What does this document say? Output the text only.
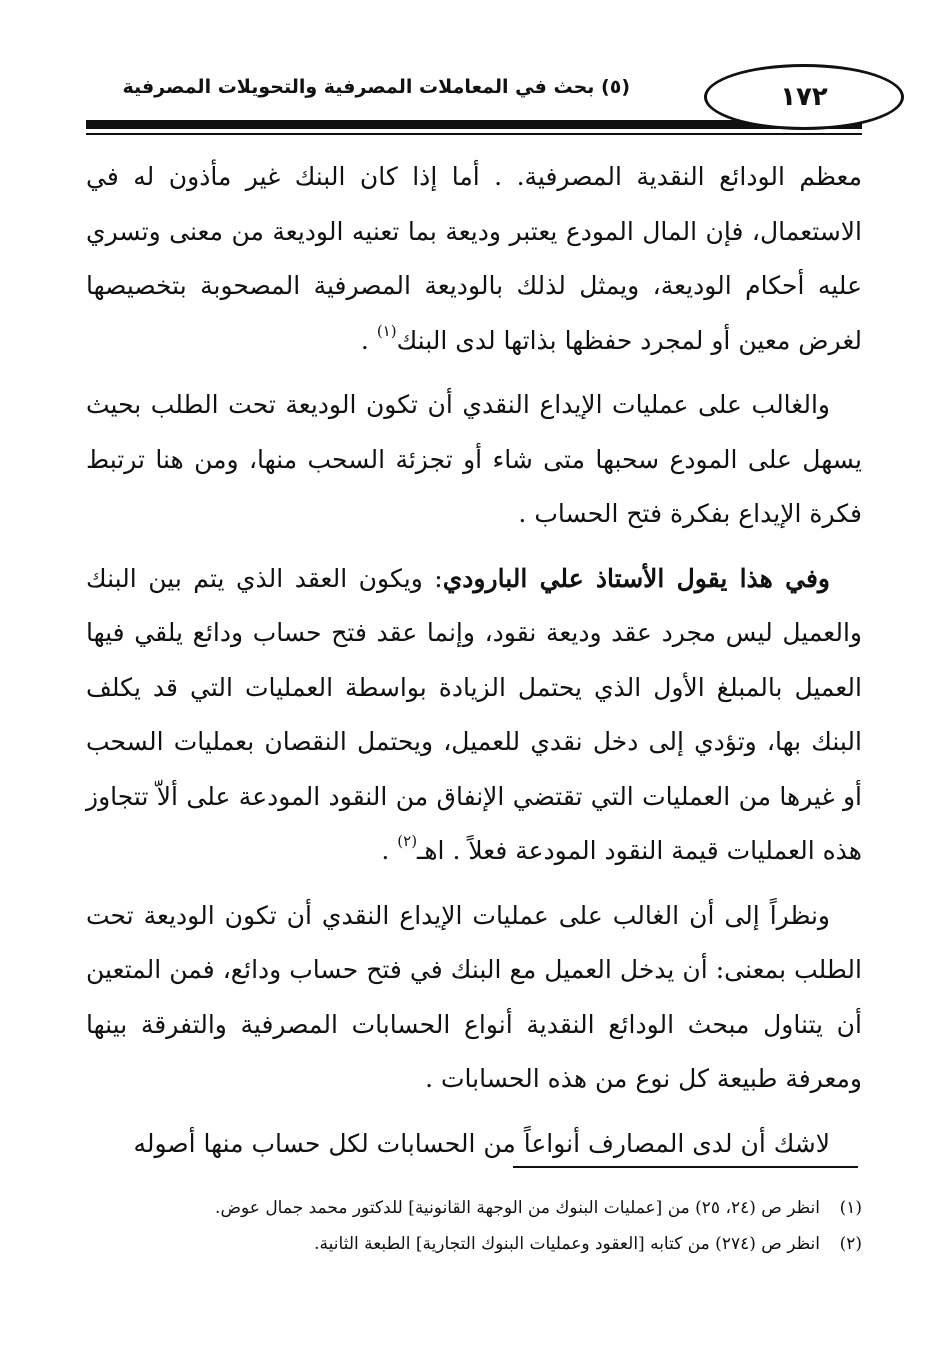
١٧٢
(٥) بحث في المعاملات المصرفية والتحويلات المصرفية

معظم الودائع النقدية المصرفية. . أما إذا كان البنك غير مأذون له في الاستعمال، فإن المال المودع يعتبر وديعة بما تعنيه الوديعة من معنى وتسري عليه أحكام الوديعة، ويمثل لذلك بالوديعة المصرفية المصحوبة بتخصيصها لغرض معين أو لمجرد حفظها بذاتها لدى البنك$^{(١)}$ .

والغالب على عمليات الإيداع النقدي أن تكون الوديعة تحت الطلب بحيث يسهل على المودع سحبها متى شاء أو تجزئة السحب منها، ومن هنا ترتبط فكرة الإيداع بفكرة فتح الحساب .

وفي هذا يقول الأستاذ علي البارودي: ويكون العقد الذي يتم بين البنك والعميل ليس مجرد عقد وديعة نقود، وإنما عقد فتح حساب ودائع يلقي فيها العميل بالمبلغ الأول الذي يحتمل الزيادة بواسطة العمليات التي قد يكلف البنك بها، وتؤدي إلى دخل نقدي للعميل، ويحتمل النقصان بعمليات السحب أو غيرها من العمليات التي تقتضي الإنفاق من النقود المودعة على ألاّ تتجاوز هذه العمليات قيمة النقود المودعة فعلاً . اهـ$^{(٢)}$ .

ونظراً إلى أن الغالب على عمليات الإيداع النقدي أن تكون الوديعة تحت الطلب بمعنى: أن يدخل العميل مع البنك في فتح حساب ودائع، فمن المتعين أن يتناول مبحث الودائع النقدية أنواع الحسابات المصرفية والتفرقة بينها ومعرفة طبيعة كل نوع من هذه الحسابات .

لاشك أن لدى المصارف أنواعاً من الحسابات لكل حساب منها أصوله

(١)انظر ص (٢٤، ٢٥) من [عمليات البنوك من الوجهة القانونية] للدكتور محمد جمال عوض.
(٢)انظر ص (٢٧٤) من كتابه [العقود وعمليات البنوك التجارية] الطبعة الثانية.
